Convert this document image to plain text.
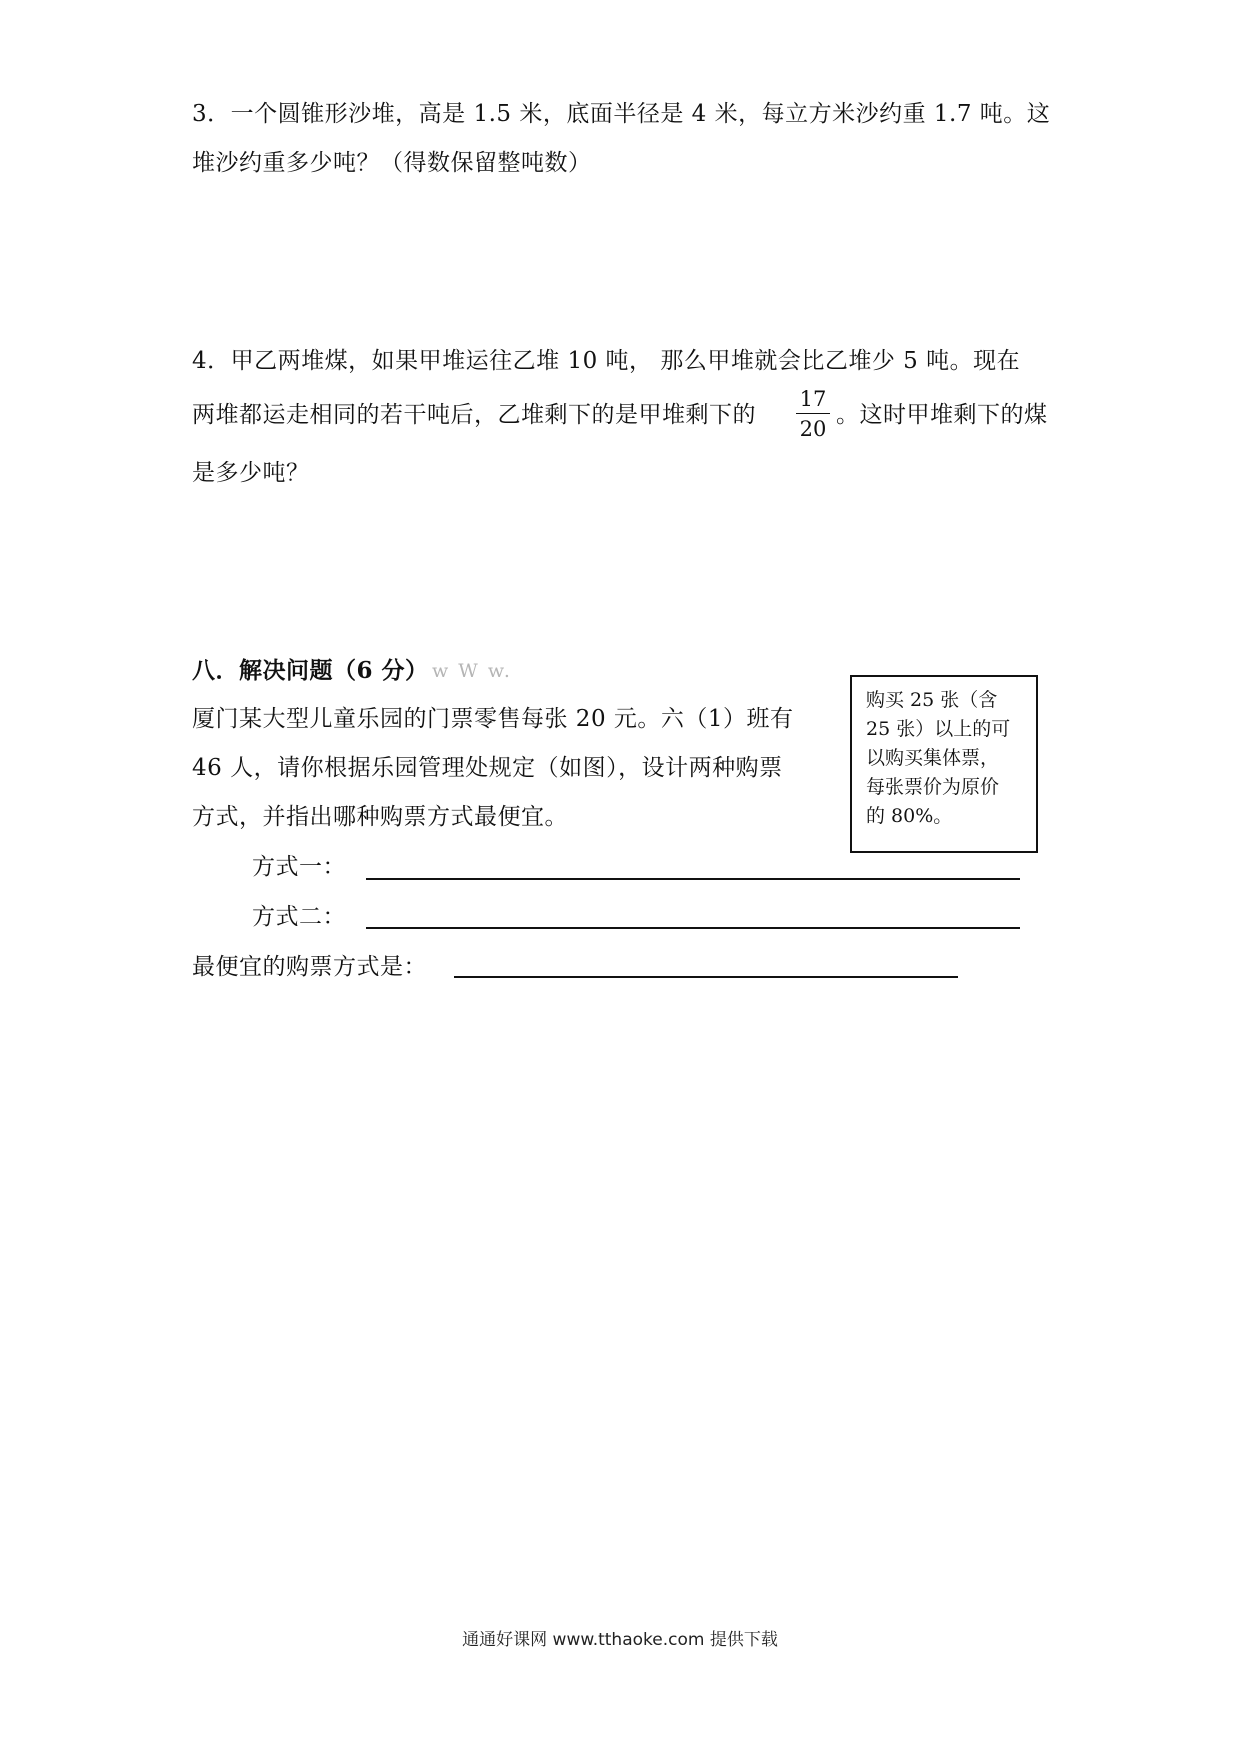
3．一个圆锥形沙堆，高是 1.5 米，底面半径是 4 米，每立方米沙约重 1.7 吨。这
堆沙约重多少吨？（得数保留整吨数）
4．甲乙两堆煤，如果甲堆运往乙堆 10 吨， 那么甲堆就会比乙堆少 5 吨。现在
两堆都运走相同的若干吨后，乙堆剩下的是甲堆剩下的
17
20
。这时甲堆剩下的煤
是多少吨？
八．解决问题（6 分） w W w.
厦门某大型儿童乐园的门票零售每张 20 元。六（1）班有
46 人，请你根据乐园管理处规定（如图），设计两种购票
方式，并指出哪种购票方式最便宜。
购买 25 张（含
25 张）以上的可
以购买集体票，
每张票价为原价
的 80%。
方式一：
方式二：
最便宜的购票方式是：
通通好课网 www.tthaoke.com 提供下载
